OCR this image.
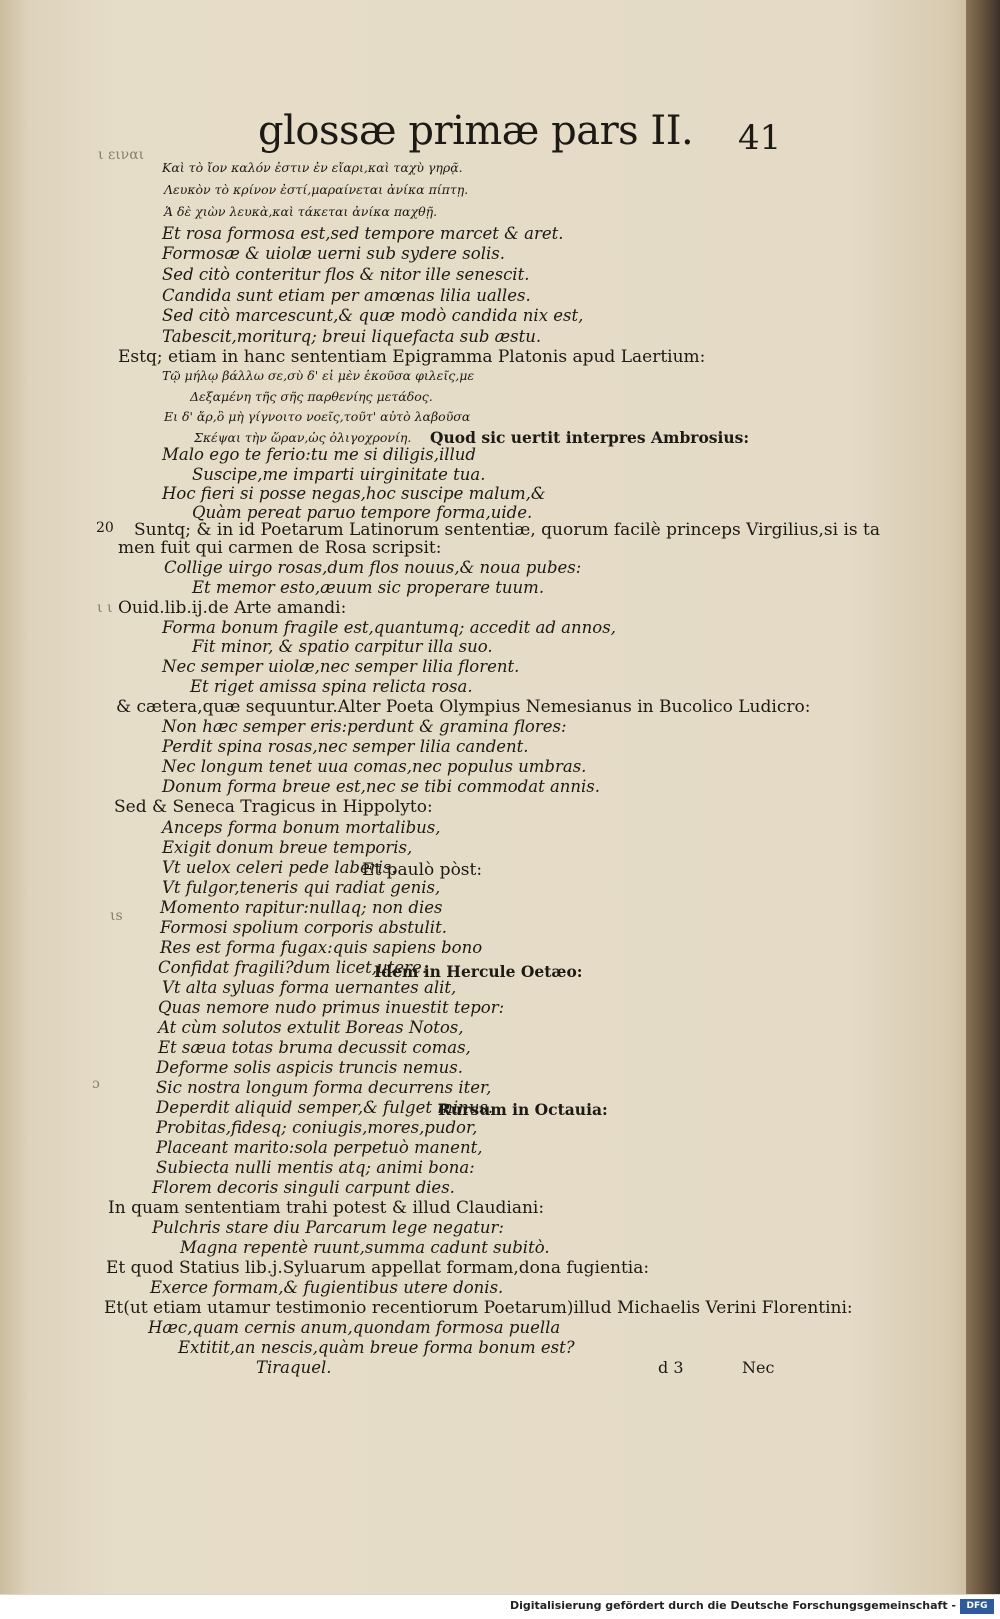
glossæ primæ pars II. 41
ι ειναι
ι ι
ιs
ɔ
Καὶ τὸ ἴον καλόν ἐστιν ἐν εἴαρι,καὶ ταχὺ γηρᾷ.
Λευκὸν τὸ κρίνον ἐστί,μαραίνεται ἀνίκα πίπτῃ.
Ἁ δὲ χιὼν λευκὰ,καὶ τάκεται ἀνίκα παχθῇ.
Et rosa formosa est,sed tempore marcet & aret.
Formosæ & uiolæ uerni sub sydere solis.
Sed citò conteritur flos & nitor ille senescit.
Candida sunt etiam per amœnas lilia ualles.
Sed citò marcescunt,& quæ modò candida nix est,
Tabescit,moriturq; breui liquefacta sub æstu.
Estq; etiam in hanc sententiam Epigramma Platonis apud Laertium:
Τῷ μήλῳ βάλλω σε,σὺ δ' εἰ μὲν ἑκοῦσα φιλεῖς,με
Δεξαμένη τῆς σῆς παρθενίης μετάδος.
Ει δ' ἄρ,ὃ μὴ γίγνοιτο νοεῖς,τοῦτ' αὐτὸ λαβοῦσα
Σκέψαι τὴν ὥραν,ὡς ὀλιγοχρονίη. Quod sic uertit interpres Ambrosius:
Malo ego te ferio:tu me si diligis,illud
Suscipe,me imparti uirginitate tua.
Hoc fieri si posse negas,hoc suscipe malum,&
Quàm pereat paruo tempore forma,uide.
20 Suntq; & in id Poetarum Latinorum sententiæ, quorum facilè princeps Virgilius,si is ta
men fuit qui carmen de Rosa scripsit:
Collige uirgo rosas,dum flos nouus,& noua pubes:
Et memor esto,æuum sic properare tuum.
Ouid.lib.ij.de Arte amandi:
Forma bonum fragile est,quantumq; accedit ad annos,
Fit minor, & spatio carpitur illa suo.
Nec semper uiolæ,nec semper lilia florent.
Et riget amissa spina relicta rosa.
& cætera,quæ sequuntur.Alter Poeta Olympius Nemesianus in Bucolico Ludicro:
Non hæc semper eris:perdunt & gramina flores:
Perdit spina rosas,nec semper lilia candent.
Nec longum tenet uua comas,nec populus umbras.
Donum forma breue est,nec se tibi commodat annis.
Sed & Seneca Tragicus in Hippolyto:
Anceps forma bonum mortalibus,
Exigit donum breue temporis,
Vt uelox celeri pede laberis.
Et paulò pòst:
Vt fulgor,teneris qui radiat genis,
Momento rapitur:nullaq; non dies
Formosi spolium corporis abstulit.
Res est forma fugax:quis sapiens bono
Confidat fragili?dum licet,utere.
Idem in Hercule Oetæo:
Vt alta syluas forma uernantes alit,
Quas nemore nudo primus inuestit tepor:
At cùm solutos extulit Boreas Notos,
Et sæua totas bruma decussit comas,
Deforme solis aspicis truncis nemus.
Sic nostra longum forma decurrens iter,
Deperdit aliquid semper,& fulget minus.
Rursum in Octauia:
Probitas,fidesq; coniugis,mores,pudor,
Placeant marito:sola perpetuò manent,
Subiecta nulli mentis atq; animi bona:
Florem decoris singuli carpunt dies.
In quam sententiam trahi potest & illud Claudiani:
Pulchris stare diu Parcarum lege negatur:
Magna repentè ruunt,summa cadunt subitò.
Et quod Statius lib.j.Syluarum appellat formam,dona fugientia:
Exerce formam,& fugientibus utere donis.
Et(ut etiam utamur testimonio recentiorum Poetarum)illud Michaelis Verini Florentini:
Hæc,quam cernis anum,quondam formosa puella
Extitit,an nescis,quàm breue forma bonum est?
Tiraquel.	d 3	Nec
Digitalisierung gefördert durch die Deutsche Forschungsgemeinschaft -	DFG
